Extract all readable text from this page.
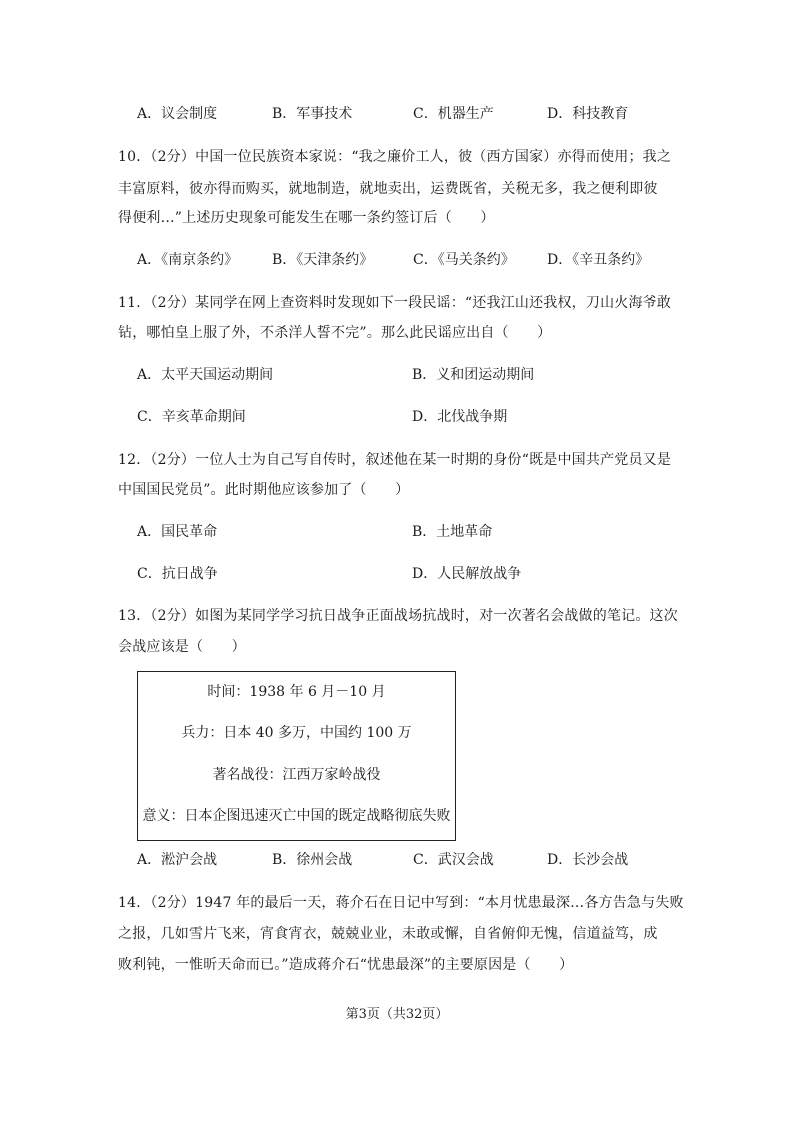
A．议会制度	B．军事技术	C．机器生产	D．科技教育
10．（2分）中国一位民族资本家说：“我之廉价工人，彼（西方国家）亦得而使用；我之
丰富原料，彼亦得而购买，就地制造，就地卖出，运费既省，关税无多，我之便利即彼
得便利…”上述历史现象可能发生在哪一条约签订后（　　）
A．《南京条约》 B．《天津条约》	C．《马关条约》 D．《辛丑条约》
11．（2分）某同学在网上查资料时发现如下一段民谣：“还我江山还我权，刀山火海爷敢
钻，哪怕皇上服了外，不杀洋人誓不完”。那么此民谣应出自（　　）
A．太平天国运动期间	B．义和团运动期间
C．辛亥革命期间	D．北伐战争期
12．（2分）一位人士为自己写自传时，叙述他在某一时期的身份“既是中国共产党员又是
中国国民党员”。此时期他应该参加了（　　）
A．国民革命	B．土地革命
C．抗日战争	D．人民解放战争
13．（2分）如图为某同学学习抗日战争正面战场抗战时，对一次著名会战做的笔记。这次
会战应该是（　　）
时间：1938 年 6 月－10 月
兵力：日本 40 多万，中国约 100 万
著名战役：江西万家岭战役
意义：日本企图迅速灭亡中国的既定战略彻底失败
A．淞沪会战	B．徐州会战	C．武汉会战	D．长沙会战
14．（2分）1947 年的最后一天，蒋介石在日记中写到：“本月忧患最深…各方告急与失败
之报，几如雪片飞来，宵食宵衣，兢兢业业，未敢或懈，自省俯仰无愧，信道益笃，成
败利钝，一惟昕天命而已。”造成蒋介石“忧患最深”的主要原因是（　　）
第3页（共32页）
